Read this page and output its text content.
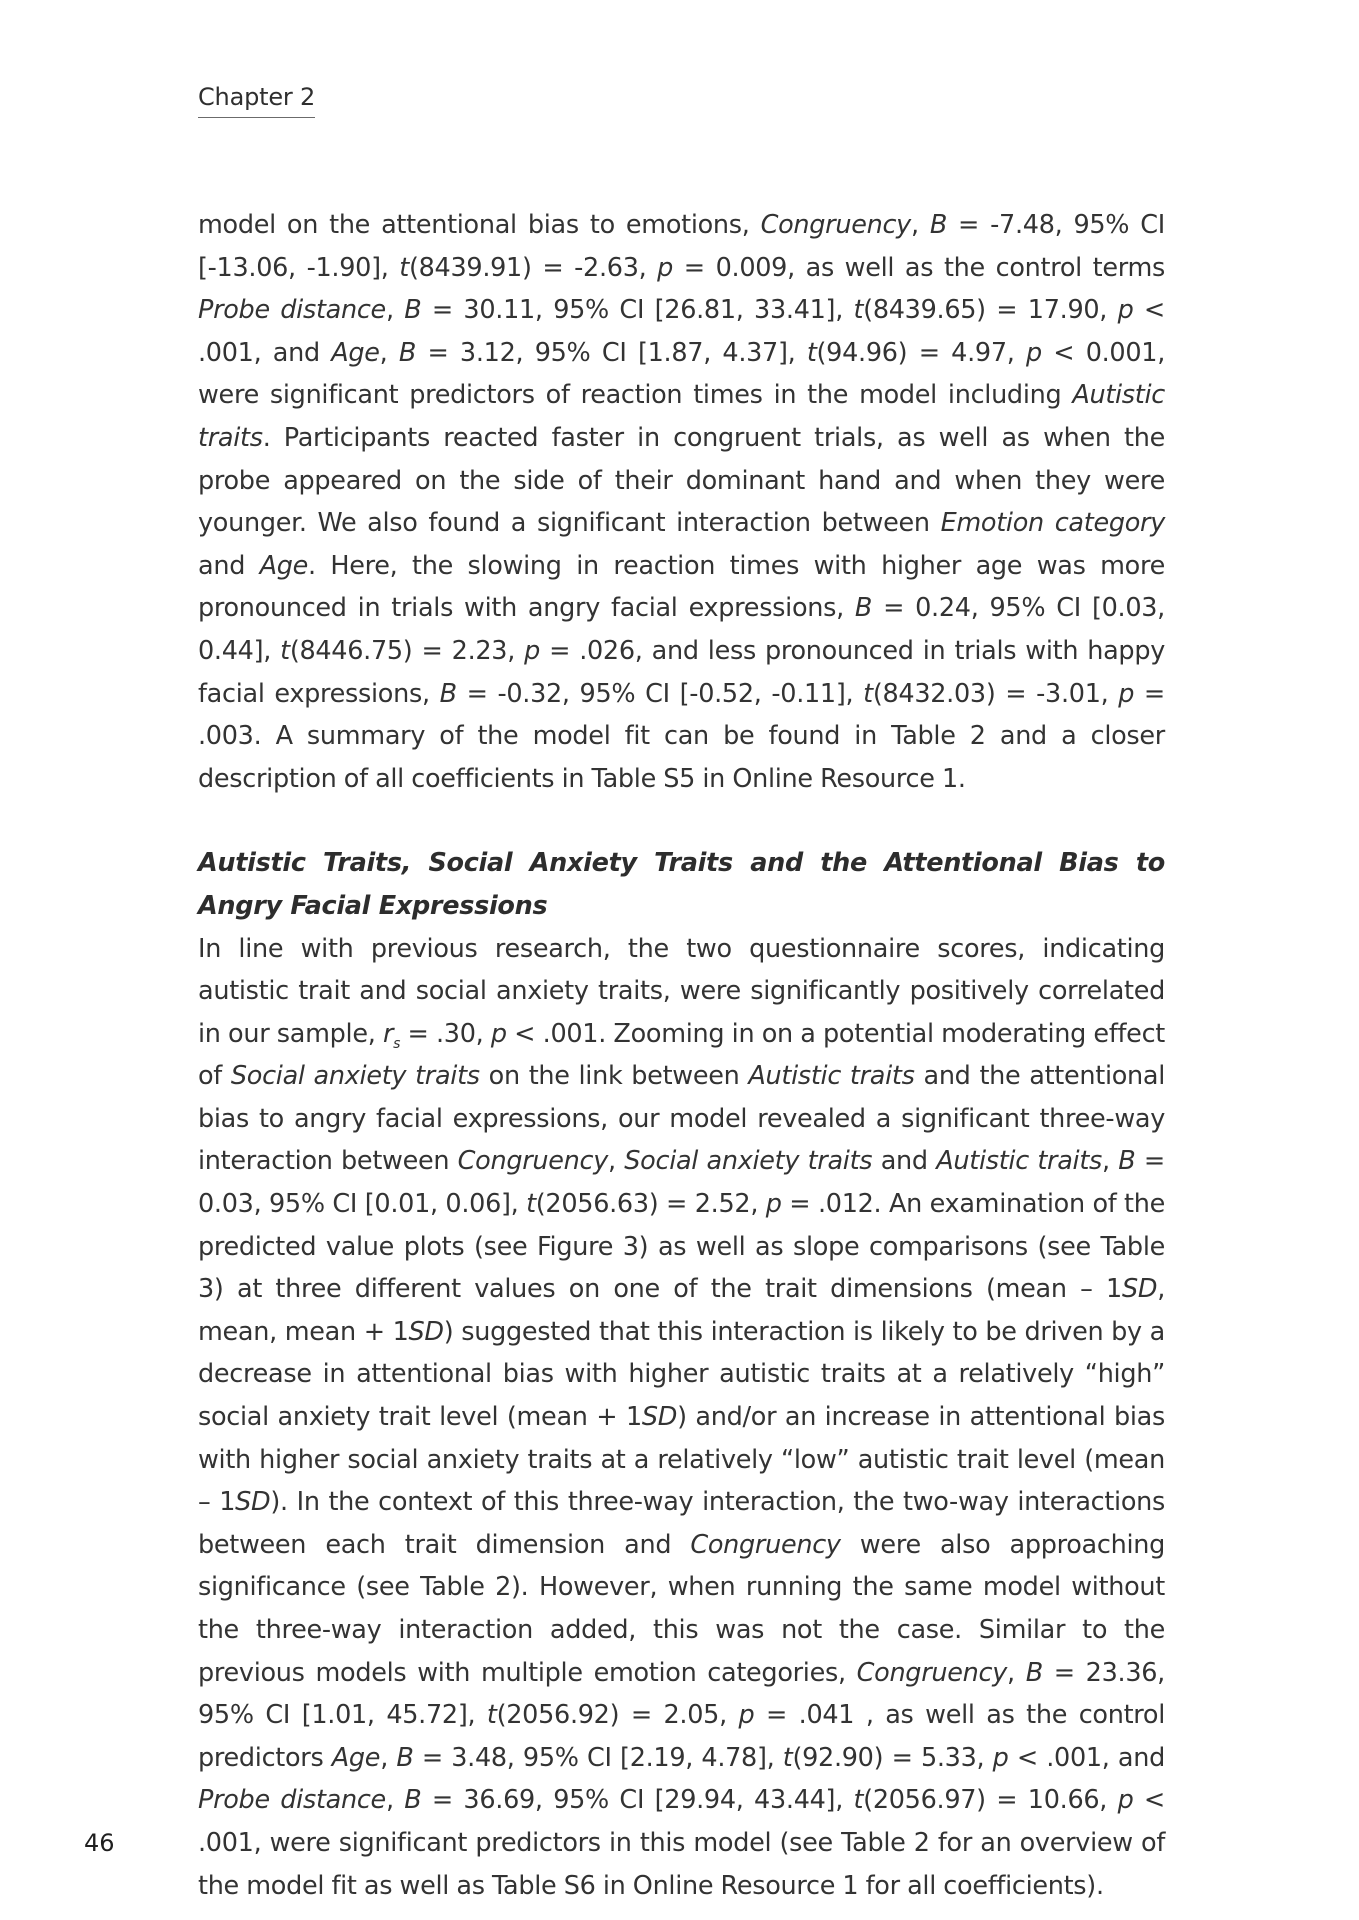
Chapter 2

model on the attentional bias to emotions, Congruency, B = -7.48, 95% CI [-13.06, -1.90], t(8439.91) = -2.63, p = 0.009, as well as the control terms Probe distance, B = 30.11, 95% CI [26.81, 33.41], t(8439.65) = 17.90, p < .001, and Age, B = 3.12, 95% CI [1.87, 4.37], t(94.96) = 4.97, p < 0.001, were significant predictors of reaction times in the model including Autistic traits. Participants reacted faster in congruent trials, as well as when the probe appeared on the side of their dominant hand and when they were younger. We also found a significant interaction between Emotion category and Age. Here, the slowing in reaction times with higher age was more pronounced in trials with angry facial expressions, B = 0.24, 95% CI [0.03, 0.44], t(8446.75) = 2.23, p = .026, and less pronounced in trials with happy facial expressions, B = -0.32, 95% CI [-0.52, -0.11], t(8432.03) = -3.01, p = .003. A summary of the model fit can be found in Table 2 and a closer description of all coefficients in Table S5 in Online Resource 1.

Autistic Traits, Social Anxiety Traits and the Attentional Bias to Angry Facial Expressions

In line with previous research, the two questionnaire scores, indicating autistic trait and social anxiety traits, were significantly positively correlated in our sample, $r_s = .30$, p < .001. Zooming in on a potential moderating effect of Social anxiety traits on the link between Autistic traits and the attentional bias to angry facial expressions, our model revealed a significant three-way interaction between Congruency, Social anxiety traits and Autistic traits, B = 0.03, 95% CI [0.01, 0.06], t(2056.63) = 2.52, p = .012. An examination of the predicted value plots (see Figure 3) as well as slope comparisons (see Table 3) at three different values on one of the trait dimensions (mean – 1SD, mean, mean + 1SD) suggested that this interaction is likely to be driven by a decrease in attentional bias with higher autistic traits at a relatively “high” social anxiety trait level (mean + 1SD) and/or an increase in attentional bias with higher social anxiety traits at a relatively “low” autistic trait level (mean – 1SD). In the context of this three-way interaction, the two-way interactions between each trait dimension and Congruency were also approaching significance (see Table 2). However, when running the same model without the three-way interaction added, this was not the case. Similar to the previous models with multiple emotion categories, Congruency, B = 23.36, 95% CI [1.01, 45.72], t(2056.92) = 2.05, p = .041 , as well as the control predictors Age, B = 3.48, 95% CI [2.19, 4.78], t(92.90) = 5.33, p < .001, and Probe distance, B = 36.69, 95% CI [29.94, 43.44], t(2056.97) = 10.66, p < .001, were significant predictors in this model (see Table 2 for an overview of the model fit as well as Table S6 in Online Resource 1 for all coefficients).

46
